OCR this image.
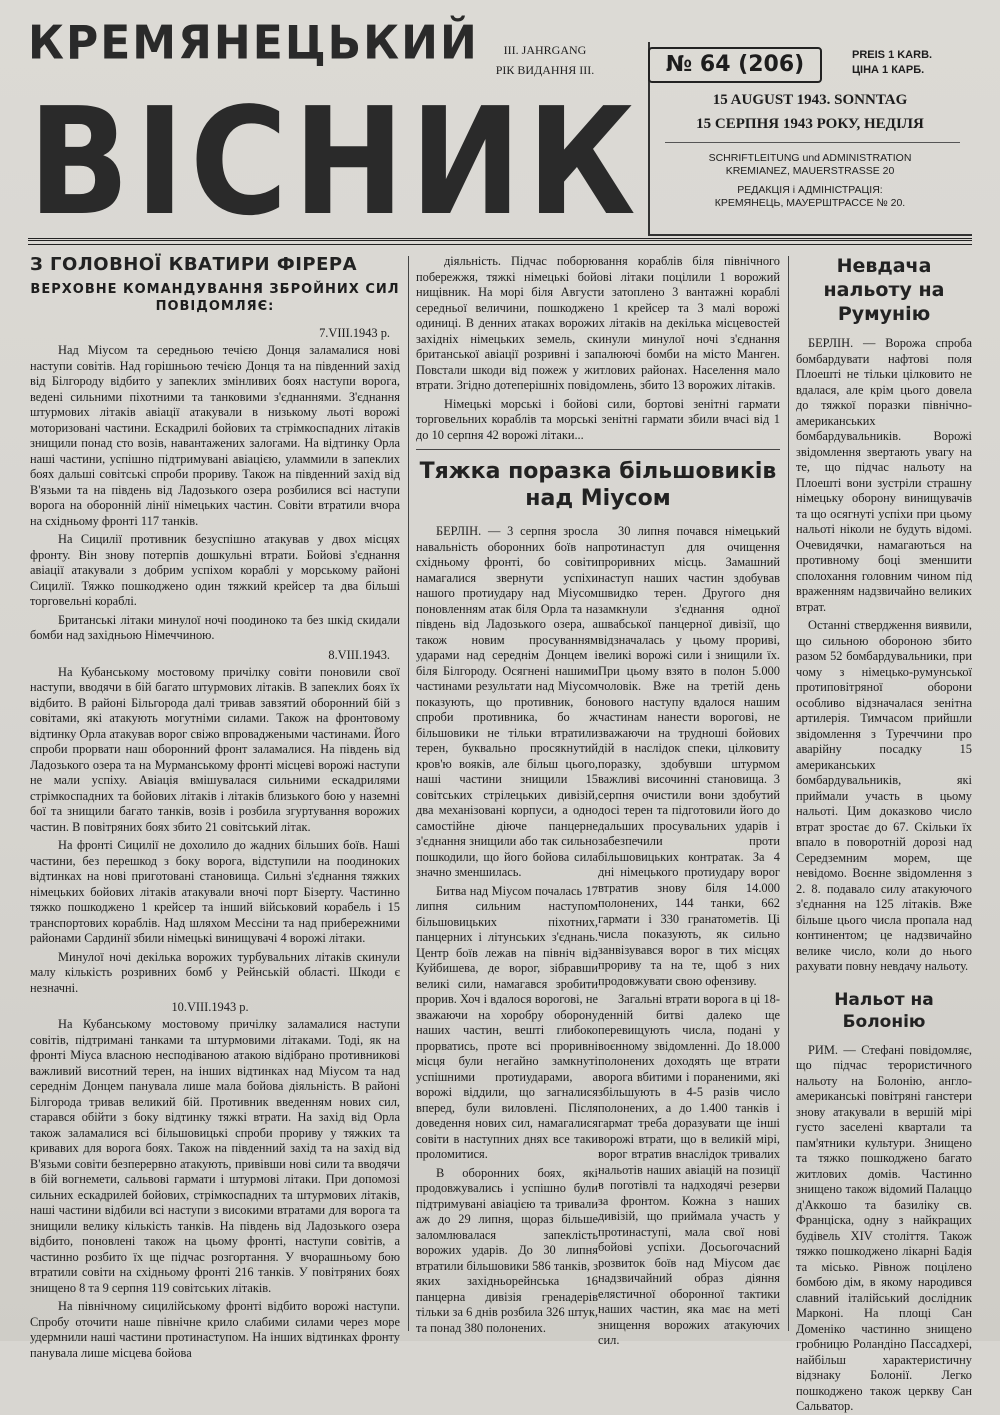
КРЕМЯНЕЦЬКИЙ
ВІСНИК
III. JAHRGANG
РІК ВИДАННЯ III.	№ 64 (206)	PREIS 1 KARB.
ЦІНА 1 КАРБ.
15 AUGUST 1943. SONNTAG
15 СЕРПНЯ 1943 РОКУ, НЕДІЛЯ
SCHRIFTLEITUNG und ADMINISTRATION
KREMIANEZ, MAUERSTRASSE 20
РЕДАКЦІЯ і АДМІНІСТРАЦІЯ:
КРЕМЯНЕЦЬ, МАУЕРШТРАССЕ № 20.
З ГОЛОВНОЇ КВАТИРИ ФІРЕРА
ВЕРХОВНЕ КОМАНДУВАННЯ ЗБРОЙНИХ СИЛ ПОВІДОМЛЯЄ:
7.VIII.1943 р.

Над Міусом та середньою течією Донця заламалися нові наступи совітів. Над горішньою течією Донця та на південний захід від Білгороду відбито у запеклих змінливих боях наступи ворога, ведені сильними піхотними та танковими з'єднаннями. З'єднання штурмових літаків авіації атакували в низькому льоті ворожі моторизовані частини. Ескадрилі бойових та стрімкоспадних літаків знищили понад сто возів, навантажених залогами. На відтинку Орла наші частини, успішно підтримувані авіацією, уламмили в запеклих боях дальші совітські спроби прориву. Також на південний захід від В'язьми та на південь від Ладозького озера розбилися всі наступи ворога на оборонній лінії німецьких частин. Совіти втратили вчора на східньому фронті 117 танків.

На Сицилії противник безуспішно атакував у двох місцях фронту. Він знову потерпів дошкульні втрати. Бойові з'єднання авіації атакували з добрим успіхом кораблі у морському районі Сицилії. Тяжко пошкоджено один тяжкий крейсер та два більші торговельні кораблі.

Британські літаки минулої ночі поодиноко та без шкід скидали бомби над західньою Німеччиною.

8.VIII.1943.

На Кубанському мостовому причілку совіти поновили свої наступи, вводячи в бій багато штурмових літаків. В запеклих боях їх відбито. В районі Більгорода далі тривав завзятий оборонний бій з совітами, які атакують могутніми силами. Також на фронтовому відтинку Орла атакував ворог свіжо впроваджеными частинами. Його спроби прорвати наш оборонний фронт заламалися. На південь від Ладозького озера та на Мурманському фронті місцеві ворожі наступи не мали успіху. Авіація вмішувалася сильними ескадрилями стрімкоспадних та бойових літаків і літаків близького бою у наземні бої та знищили багато танків, возів і розбила згуртування ворожих частин. В повітряних боях збито 21 совітський літак.

На фронті Сицилії не дохолило до жадних більших боїв. Наші частини, без перешкод з боку ворога, відступили на поодиноких відтинках на нові приготовані становища. Сильні з'єднання тяжких німецьких бойових літаків атакували вночі порт Бізерту. Частинно тяжко пошкоджено 1 крейсер та інший військовий корабель і 15 транспортових кораблів. Над шляхом Мессіни та над прибережними районами Сардинії збили німецькі винищувачі 4 ворожі літаки.

Минулої ночі декілька ворожих турбувальних літаків скинули малу кількість розривних бомб у Рейнській області. Шкоди є незначні.

10.VIII.1943 р.

На Кубанському мостовому причілку заламалися наступи совітів, підтримані танками та штурмовими літаками. Тоді, як на фронті Міуса власною несподіваною атакою відібрано противникові важливий висотний терен, на інших відтинках над Міусом та над середнім Донцем панувала лише мала бойова діяльність. В районі Білгорода тривав великий бій. Противник введенням нових сил, старався обійти з боку відтинку тяжкі втрати. На захід від Орла також заламалися всі більшовицькі спроби прориву у тяжких та кривавих для ворога боях. Також на південний захід та на захід від В'язьми совіти безперервно атакують, привівши нові сили та вводячи в бій вогнемети, сальвові гармати і штурмові літаки. При допомозі сильних ескадрилей бойових, стрімкоспадних та штурмових літаків, наші частини відбили всі наступи з високими втратами для ворога та знищили велику кількість танків. На південь від Ладозького озера відбито, поновлені також на цьому фронті, наступи совітів, а частинно розбито їх ще підчас розгортання. У вчорашньому бою втратили совіти на східньому фронті 216 танків. У повітряних боях знищено 8 та 9 серпня 119 совітських літаків.

На північному сицилійському фронті відбито ворожі наступи. Спробу оточити наше північне крило слабими силами через море удермнили наші частини протинаступом. На інших відтинках фронту панувала лише місцева бойова

діяльність. Підчас поборювання кораблів біля північного побережжя, тяжкі німецькі бойові літаки поцілили 1 ворожий нищівник. На морі біля Августи затоплено 3 вантажні кораблі середньої величини, пошкоджено 1 крейсер та 3 малі ворожі одиниці. В денних атаках ворожих літаків на декілька місцевостей західніх німецьких земель, скинули минулої ночі з'єднання британської авіації розривні і запалюючі бомби на місто Манген. Повстали шкоди від пожеж у житлових районах. Населення мало втрати. Згідно дотеперішніх повідомлень, збито 13 ворожих літаків.

Німецькі морські і бойові сили, бортові зенітні гармати торговельних кораблів та морські зенітні гармати збили вчасі від 1 до 10 серпня 42 ворожі літаки...

Тяжка поразка більшовиків над Міусом

БЕРЛІН. — 3 серпня зросла навальність оборонних боїв на східньому фронті, бо совіти намагалися звернути успіхи нашого протиудару над Міусом поновленням атак біля Орла та на південь від Ладозького озера, а також новим просуванням ударами над середнім Донцем і біля Білгороду. Осягнені нашими частинами результати над Міусом показують, що противник, бо спроби противника, бо ж більшовики не тільки втратили терен, буквально просякнутий кров'ю вояків, але більш цього, наші частини знищили 15 совітських стрілецьких дивізій, два механізовані корпуси, а одно самостійне діюче панцерне з'єднання знищили або так сильно пошкодили, що його бойова сила значно зменшилась.

Битва над Міусом почалась 17 липня сильним наступом більшовицьких піхотних, панцерних і літунських з'єднань. Центр боїв лежав на північ від Куйбишева, де ворог, зібравши великі сили, намагався зробити прорив. Хоч і вдалося ворогові, не зважаючи на хоробру оборону наших частин, вешті глибоко прорватись, проте всі проривні місця були негайно замкнуті успішними протиударами, а ворожі віддили, що загналися вперед, були виловлені. Після доведення нових сил, намагалися совіти в наступних днях все таки проломитися.

В оборонних боях, які продовжувались і успішно були підтримувані авіацією та тривали аж до 29 липня, щораз більше заломлювалася запеклість ворожих ударів. До 30 липня втратили більшовики 586 танків, з яких західньорейнська 16 панцерна дивізія гренадерів тільки за 6 днів розбила 326 штук, та понад 380 полонених.

30 липня почався німецький протинаступ для очищення проривних місць. Замашний наступ наших частин здобував швидко терен. Другого дня замкнули з'єднання одної швабської панцерної дивізії, що відзначалась у цьому прориві, великі ворожі сили і знищили їх. При цьому взято в полон 5.000 чоловік. Вже на третій день нового наступу вдалося нашим частинам нанести ворогові, не зважаючи на трудноші бойових дій в наслідок спеки, цілковиту поразку, здобувши штурмом важливі височинні становища. 3 серпня очистили вони здобутий досі терен та підготовили його до дальших просувальних ударів і забезпечили проти більшовицьких контратак. За 4 дні німецького протиудару ворог втратив знову біля 14.000 полонених, 144 танки, 662 гармати і 330 гранатометів. Ці числа показують, як сильно занвізувався ворог в тих місцях прориву та на те, щоб з них продовжувати свою офензиву.

Загальні втрати ворога в ці 18-денній битві далеко ще перевищують числа, подані у воєнному звідомленні. До 18.000 полонених доходять ще втрати ворога вбитими і пораненими, які збільшують в 4-5 разів число полонених, а до 1.400 танків і гармат треба доразувати ще інші ворожі втрати, що в великій мірі, ворог втратив внаслідок тривалих нальотів наших авіацій на позиції в поготівлі та надходячі резерви за фронтом. Кожна з наших дивізій, що приймала участь у протинаступі, мала свої нові бойові успіхи. Досьогочасний розвиток боїв над Міусом дає надзвичайний образ діяння елястичної оборонної тактики наших частин, яка має на меті знищення ворожих атакуючих сил.

Невдача нальоту на Румунію

БЕРЛІН. — Ворожа спроба бомбардувати нафтові поля Плоешті не тільки цілковито не вдалася, але крім цього довела до тяжкої поразки північно-американських бомбардувальників. Ворожі звідомлення звертають увагу на те, що підчас нальоту на Плоешті вони зустріли страшну німецьку оборону винищувачів та що осягнуті успіхи при цьому нальоті ніколи не будуть відомі. Очевидячки, намагаються на противному боці зменшити сполохання головним чином під враженням надзвичайно великих втрат.

Останні ствердження виявили, що сильною обороною збито разом 52 бомбардувальники, при чому з німецько-румунської протиповітряної оборони особливо відзначалася зенітна артилерія. Тимчасом прийшли звідомлення з Туреччини про аварійну посадку 15 американських бомбардувальників, які приймали участь в цьому нальоті. Цим доказково число втрат зростає до 67. Скільки їх впало в поворотній дорозі над Середземним морем, ще невідомо. Воєнне звідомлення з 2. 8. подавало силу атакуючого з'єднання на 125 літаків. Вже більше цього числа пропала над континентом; це надзвичайно велике число, коли до нього рахувати повну невдачу нальоту.

Нальот на Болонію

РИМ. — Стефані повідомляє, що підчас терористичного нальоту на Болонію, англо-американські повітряні ганстери знову атакували в вершій мірі густо заселені квартали та пам'ятники культури. Знищено та тяжко пошкоджено багато житлових домів. Частинно знищено також відомий Палаццо д'Аккошо та базиліку св. Франціска, одну з найкращих будівель XIV століття. Також тяжко пошкоджено лікарні Бадія та місько. Рівнож поцілено бомбою дім, в якому народився славний італійський дослідник Марконі. На площі Сан Доменіко частинно знищено гробницю Роландіно Пассадхері, найбільш характеристичну відзнаку Болонії. Легко пошкоджено також церкву Сан Сальватор.
